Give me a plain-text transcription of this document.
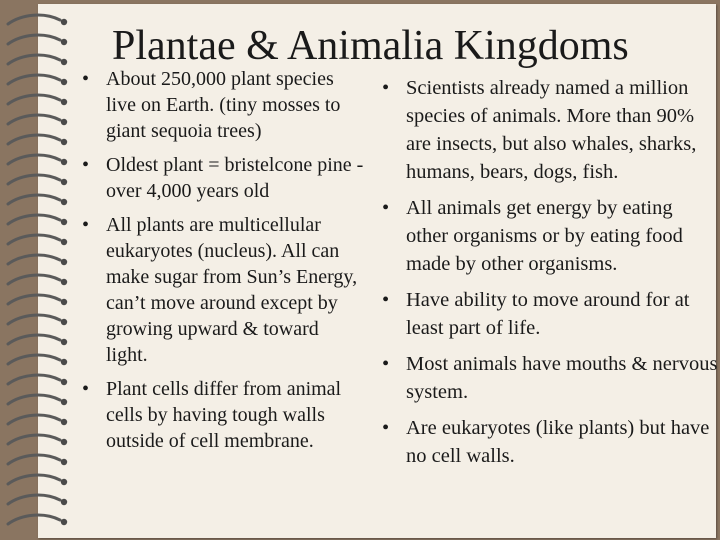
Plantae & Animalia Kingdoms
• About 250,000 plant species live on Earth. (tiny mosses to giant sequoia trees)
• Oldest plant = bristelcone pine -over 4,000 years old
• All plants are multicellular eukaryotes (nucleus). All can make sugar from Sun’s Energy, can’t move around except by growing upward & toward light.
• Plant cells differ from animal cells by having tough walls outside of cell membrane.
• Scientists already named a million species of animals. More than 90% are insects, but also whales, sharks, humans, bears, dogs, fish.
• All animals get energy by eating other organisms or by eating food made by other organisms.
• Have ability to move around for at least part of life.
• Most animals have mouths & nervous system.
• Are eukaryotes (like plants) but have no cell walls.
